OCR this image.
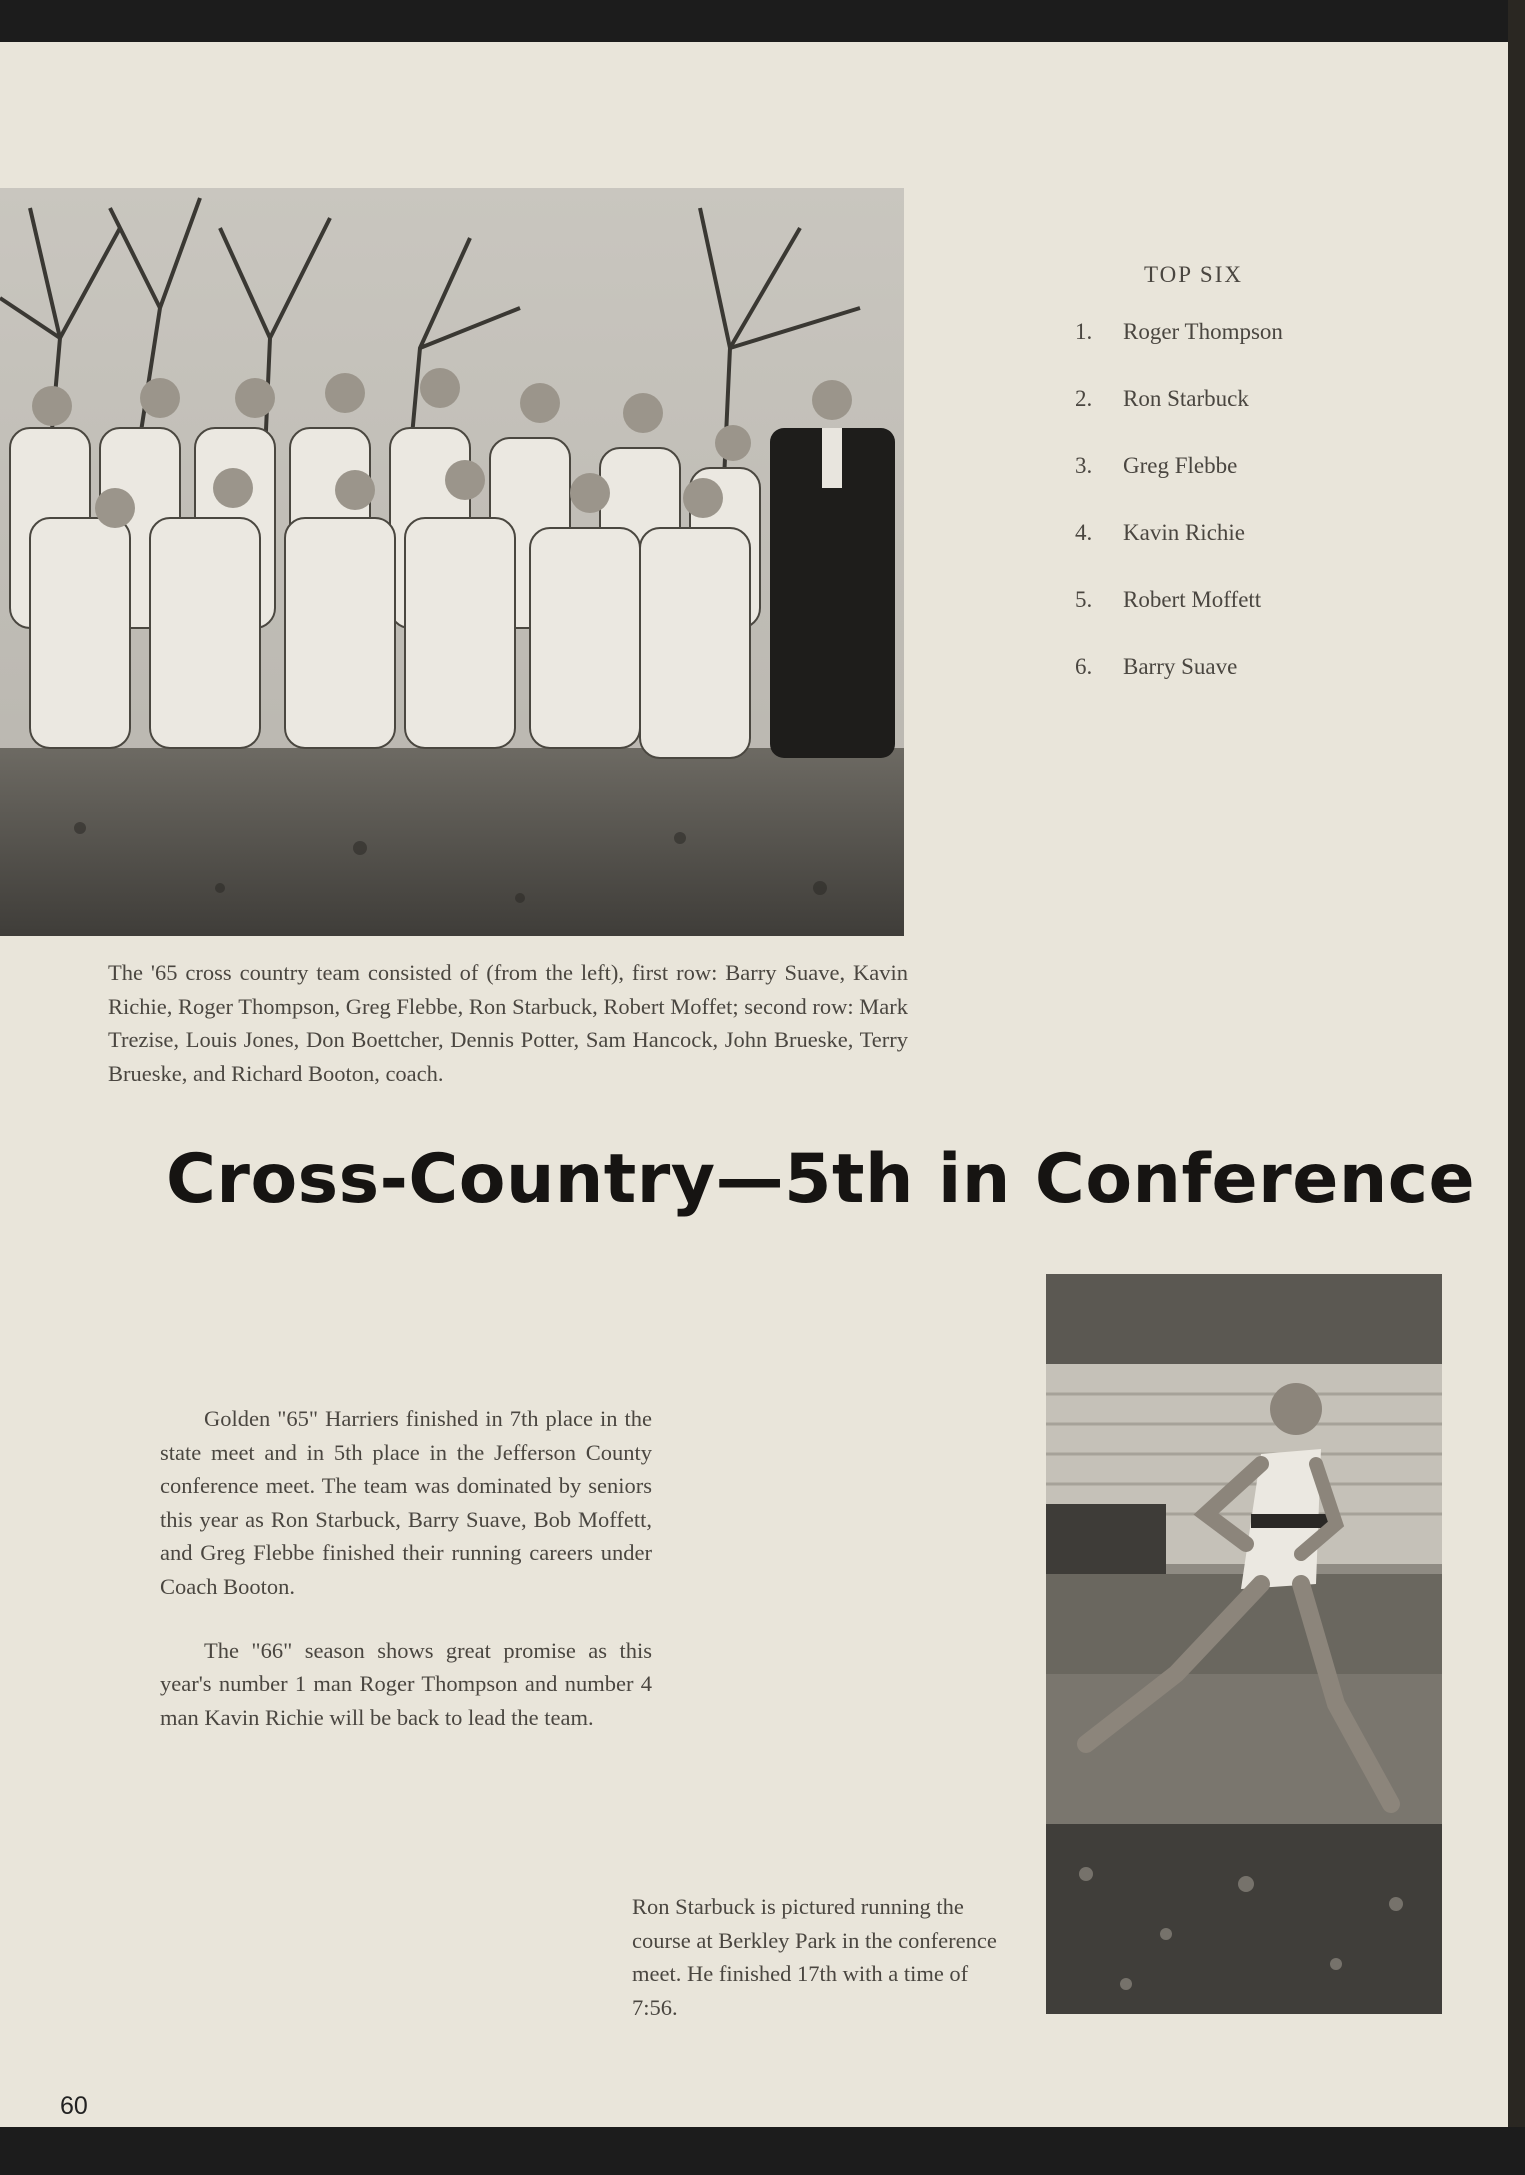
TOP SIX
1. Roger Thompson
2. Ron Starbuck
3. Greg Flebbe
4. Kavin Richie
5. Robert Moffett
6. Barry Suave
The '65 cross country team consisted of (from the left), first row: Barry Suave, Kavin Richie, Roger Thompson, Greg Flebbe, Ron Starbuck, Robert Moffet; second row: Mark Trezise, Louis Jones, Don Boettcher, Dennis Potter, Sam Hancock, John Brueske, Terry Brueske, and Richard Booton, coach.
Cross-Country—5th in Conference

Golden "65" Harriers finished in 7th place in the state meet and in 5th place in the Jefferson County conference meet. The team was dominated by seniors this year as Ron Starbuck, Barry Suave, Bob Moffett, and Greg Flebbe finished their running careers under Coach Booton.

The "66" season shows great promise as this year's number 1 man Roger Thompson and number 4 man Kavin Richie will be back to lead the team.

Ron Starbuck is pictured running the course at Berkley Park in the conference meet. He finished 17th with a time of 7:56.
60
